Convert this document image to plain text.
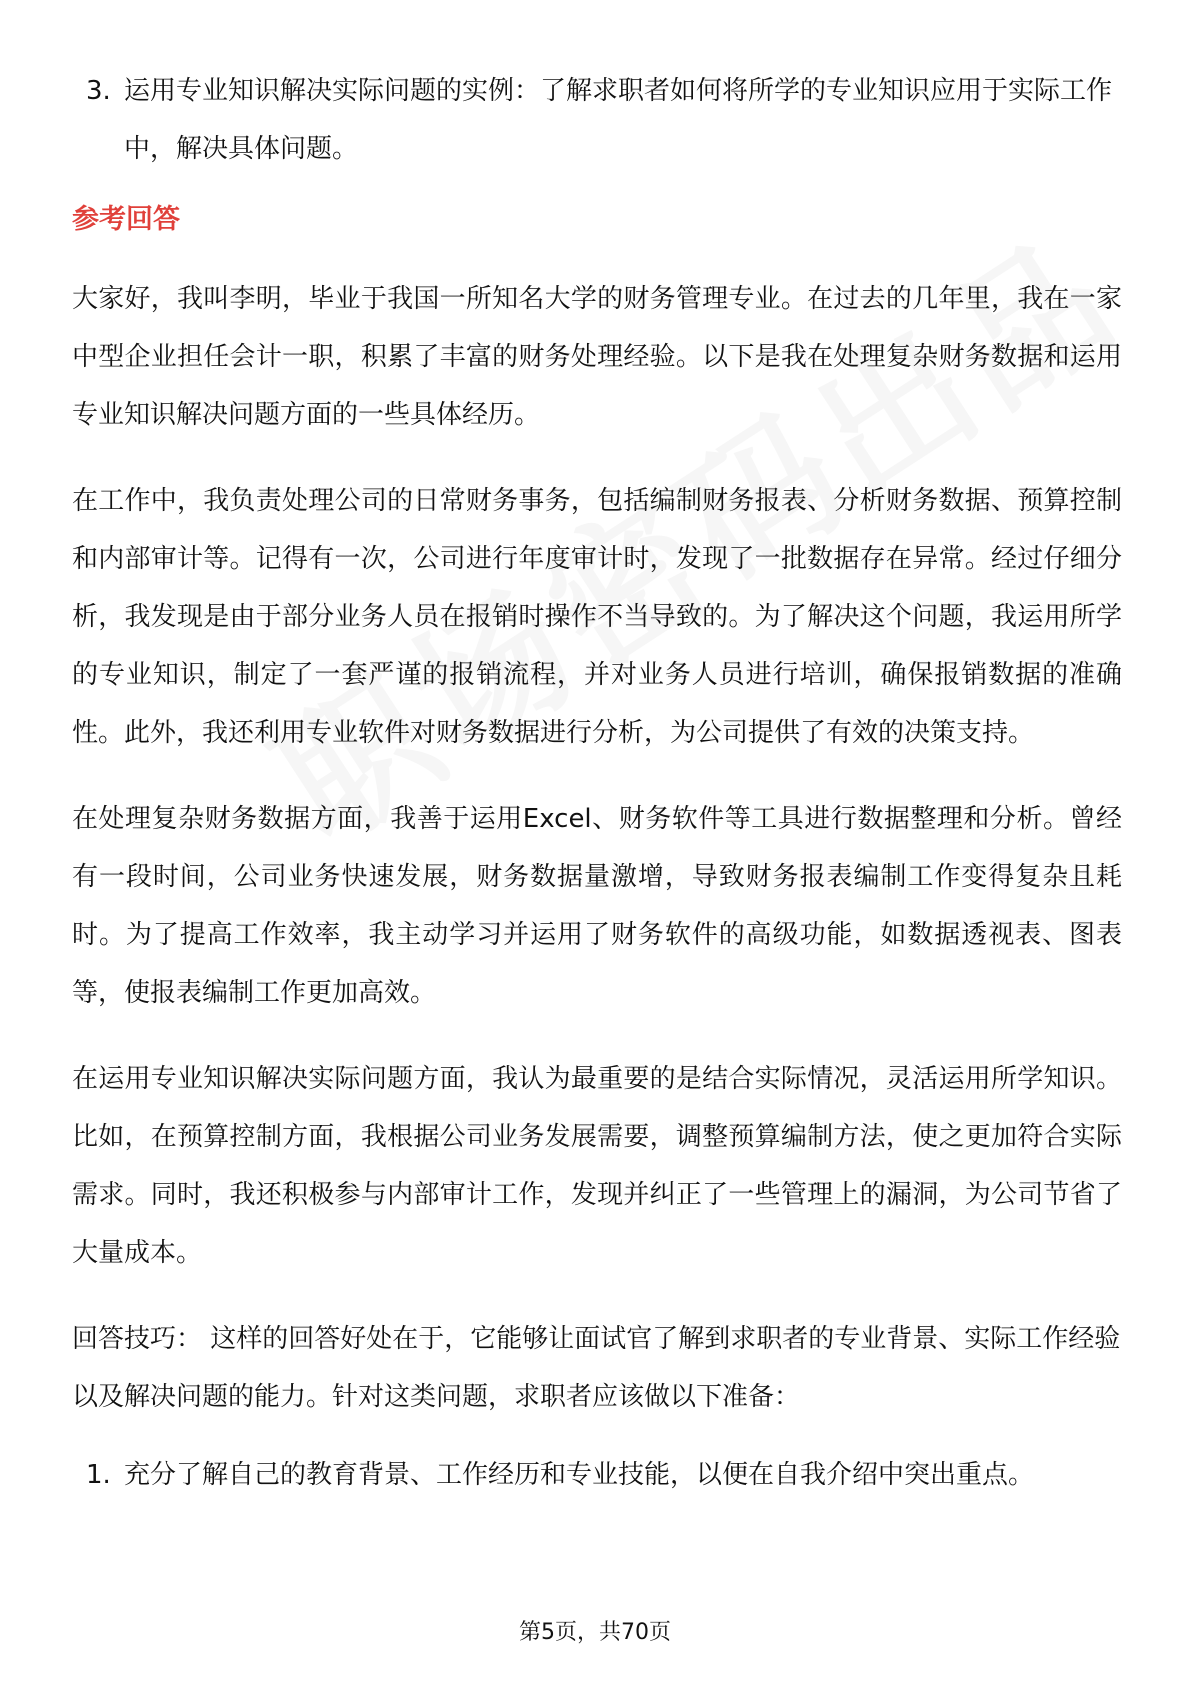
3. 运用专业知识解决实际问题的实例：了解求职者如何将所学的专业知识应用于实际工作中，解决具体问题。
参考回答

大家好，我叫李明，毕业于我国一所知名大学的财务管理专业。在过去的几年里，我在一家中型企业担任会计一职，积累了丰富的财务处理经验。以下是我在处理复杂财务数据和运用专业知识解决问题方面的一些具体经历。

在工作中，我负责处理公司的日常财务事务，包括编制财务报表、分析财务数据、预算控制和内部审计等。记得有一次，公司进行年度审计时，发现了一批数据存在异常。经过仔细分析，我发现是由于部分业务人员在报销时操作不当导致的。为了解决这个问题，我运用所学的专业知识，制定了一套严谨的报销流程，并对业务人员进行培训，确保报销数据的准确性。此外，我还利用专业软件对财务数据进行分析，为公司提供了有效的决策支持。

在处理复杂财务数据方面，我善于运用Excel、财务软件等工具进行数据整理和分析。曾经有一段时间，公司业务快速发展，财务数据量激增，导致财务报表编制工作变得复杂且耗时。为了提高工作效率，我主动学习并运用了财务软件的高级功能，如数据透视表、图表等，使报表编制工作更加高效。

在运用专业知识解决实际问题方面，我认为最重要的是结合实际情况，灵活运用所学知识。比如，在预算控制方面，我根据公司业务发展需要，调整预算编制方法，使之更加符合实际需求。同时，我还积极参与内部审计工作，发现并纠正了一些管理上的漏洞，为公司节省了大量成本。

回答技巧： 这样的回答好处在于，它能够让面试官了解到求职者的专业背景、实际工作经验以及解决问题的能力。针对这类问题，求职者应该做以下准备：

1. 充分了解自己的教育背景、工作经历和专业技能，以便在自我介绍中突出重点。
第5页，共70页
